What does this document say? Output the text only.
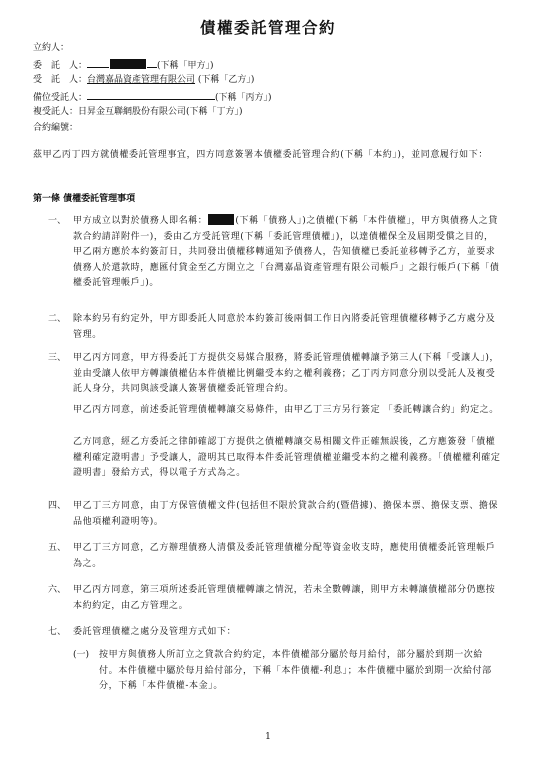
債權委託管理合約
立約人：
委　託　人：	(下稱「甲方」)
受　託　人：台灣嘉晶資產管理有限公司 (下稱「乙方」)
備位受託人：	(下稱「丙方」)
複受託人：日昇金互聯網股份有限公司(下稱「丁方」)
合約編號：
茲甲乙丙丁四方就債權委託管理事宜，四方同意簽署本債權委託管理合約(下稱「本約」)，並同意履行如下：
第一條 債權委託管理事項
一、 甲方成立以對於債務人即名稱：	(下稱「債務人」)之債權(下稱「本件債權」，甲方與債務人之貸款合約請詳附件一)，委由乙方受託管理(下稱「委託管理債權」)，以達債權保全及屆期受償之目的，甲乙兩方應於本約簽訂日，共同發出債權移轉通知予債務人，告知債權已委託並移轉予乙方，並要求債務人於還款時，應匯付貸金至乙方開立之「台灣嘉晶資產管理有限公司帳戶」之銀行帳戶(下稱「債權委託管理帳戶」)。
二、 除本約另有約定外，甲方即委託人同意於本約簽訂後兩個工作日內將委託管理債權移轉予乙方處分及管理。
三、 甲乙丙方同意，甲方得委託丁方提供交易媒合服務，將委託管理債權轉讓予第三人(下稱「受讓人」)，並由受讓人依甲方轉讓債權佔本件債權比例繼受本約之權利義務；乙丁丙方同意分別以受託人及複受託人身分，共同與該受讓人簽署債權委託管理合約。
甲乙丙方同意，前述委託管理債權轉讓交易條件，由甲乙丁三方另行簽定 「委託轉讓合約」約定之。
乙方同意，經乙方委託之律師確認丁方提供之債權轉讓交易相關文件正確無誤後，乙方應簽發「債權權利確定證明書」予受讓人，證明其已取得本件委託管理債權並繼受本約之權利義務。「債權權利確定證明書」發給方式，得以電子方式為之。
四、 甲乙丁三方同意，由丁方保管債權文件(包括但不限於貸款合約(暨借據)、擔保本票、擔保支票、擔保品他項權利證明等)。
五、 甲乙丁三方同意，乙方辦理債務人清償及委託管理債權分配等資金收支時，應使用債權委託管理帳戶為之。
六、 甲乙丙方同意，第三項所述委託管理債權轉讓之情況，若未全數轉讓，則甲方未轉讓債權部分仍應按本約約定，由乙方管理之。
七、 委託管理債權之處分及管理方式如下：
(一) 按甲方與債務人所訂立之貸款合約約定，本件債權部分屬於每月給付，部分屬於到期一次給付。本件債權中屬於每月給付部分，下稱「本件債權-利息」；本件債權中屬於到期一次給付部分，下稱「本件債權-本金」。
1
